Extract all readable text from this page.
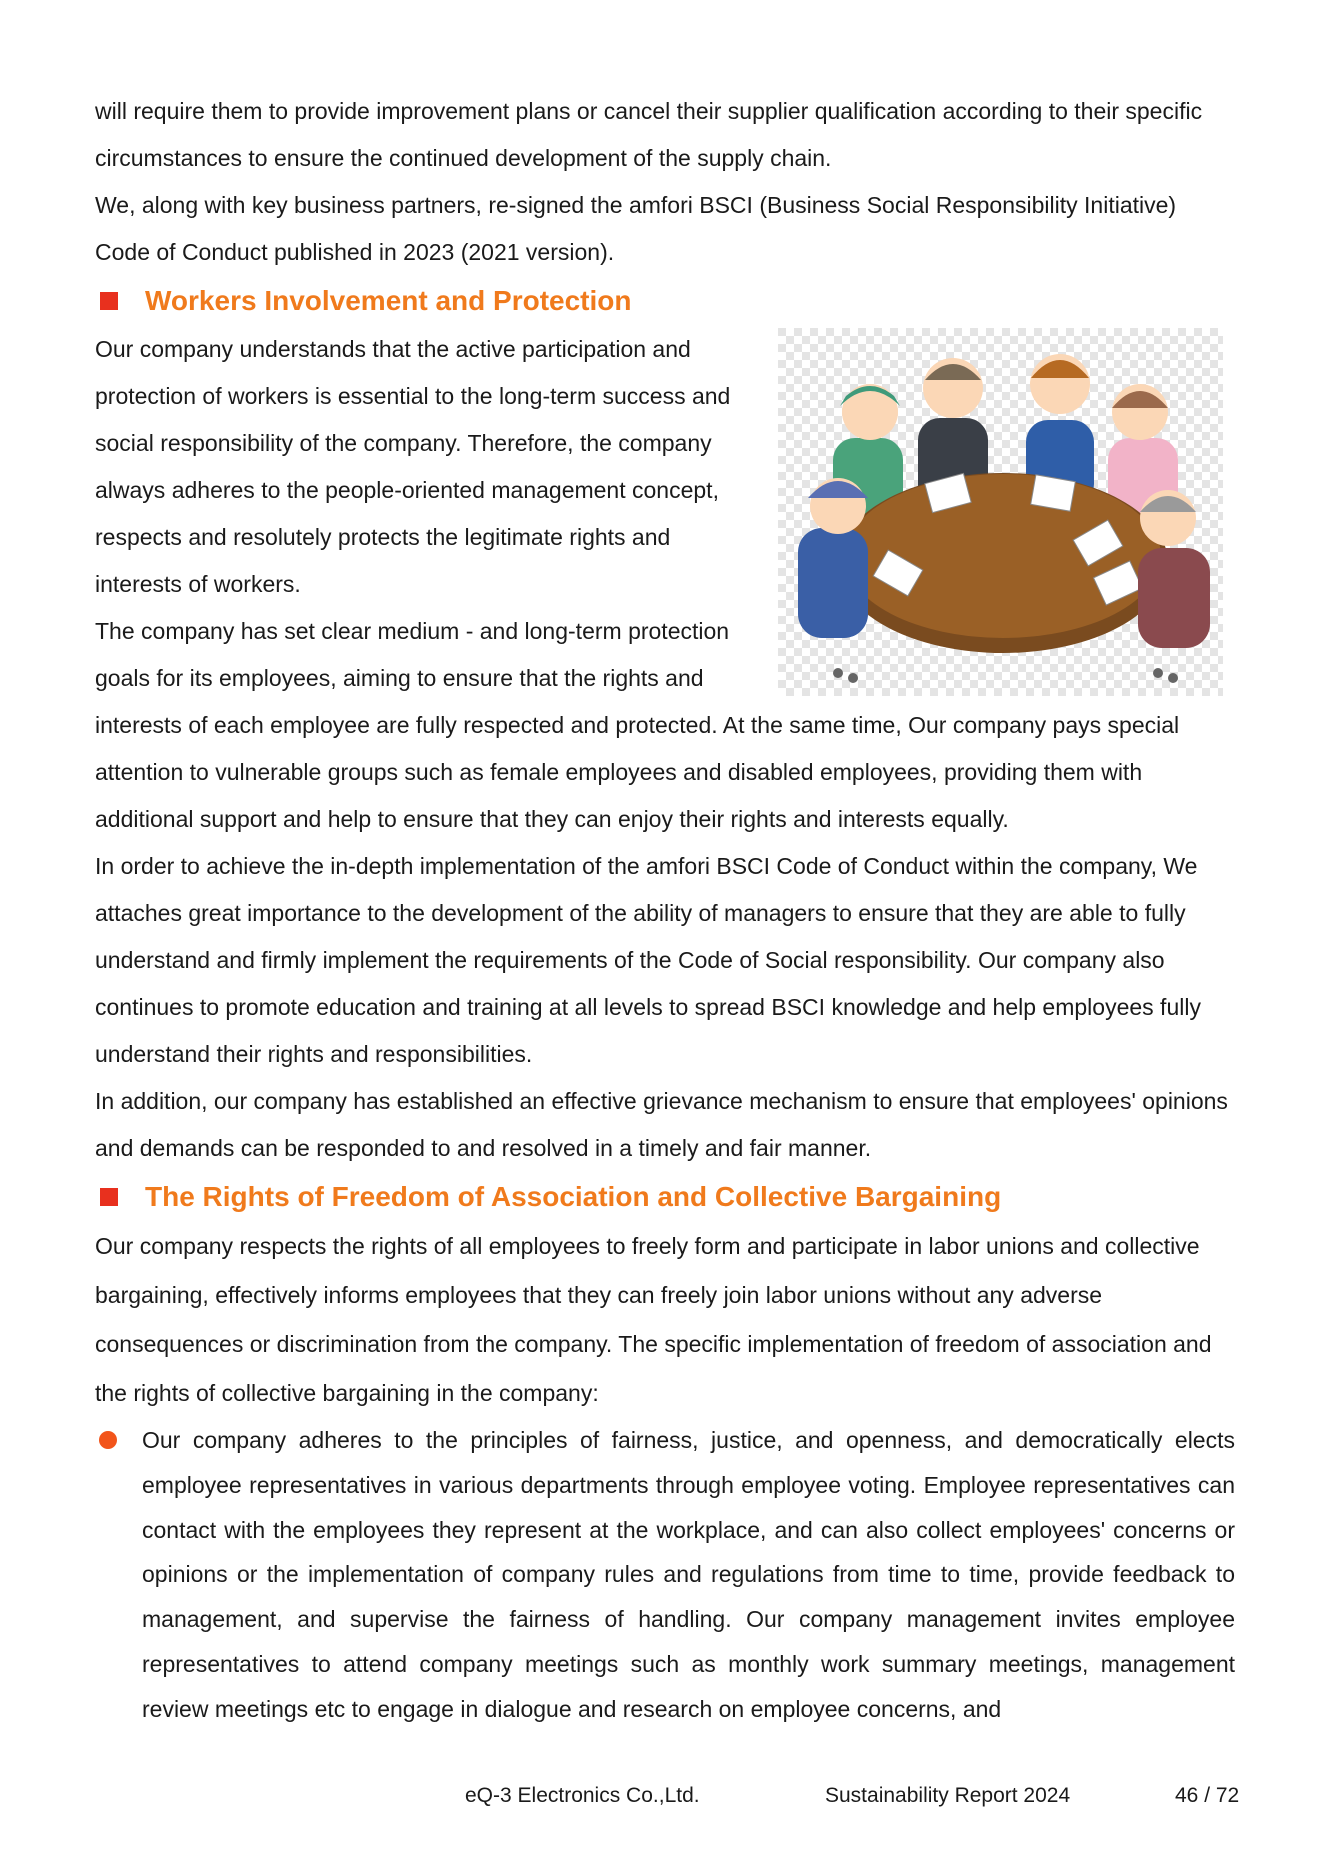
will require them to provide improvement plans or cancel their supplier qualification according to their specific circumstances to ensure the continued development of the supply chain.

We, along with key business partners, re-signed the amfori BSCI (Business Social Responsibility Initiative) Code of Conduct published in 2023 (2021 version).

Workers Involvement and Protection

Our company understands that the active participation and protection of workers is essential to the long-term success and social responsibility of the company. Therefore, the company always adheres to the people-oriented management concept, respects and resolutely protects the legitimate rights and interests of workers.

The company has set clear medium - and long-term protection goals for its employees, aiming to ensure that the rights and interests of each employee are fully respected and protected. At the same time, Our company pays special attention to vulnerable groups such as female employees and disabled employees, providing them with additional support and help to ensure that they can enjoy their rights and interests equally.

In order to achieve the in-depth implementation of the amfori BSCI Code of Conduct within the company, We attaches great importance to the development of the ability of managers to ensure that they are able to fully understand and firmly implement the requirements of the Code of Social responsibility. Our company also continues to promote education and training at all levels to spread BSCI knowledge and help employees fully understand their rights and responsibilities.

In addition, our company has established an effective grievance mechanism to ensure that employees' opinions and demands can be responded to and resolved in a timely and fair manner.

The Rights of Freedom of Association and Collective Bargaining

Our company respects the rights of all employees to freely form and participate in labor unions and collective bargaining, effectively informs employees that they can freely join labor unions without any adverse consequences or discrimination from the company. The specific implementation of freedom of association and the rights of collective bargaining in the company:

Our company adheres to the principles of fairness, justice, and openness, and democratically elects employee representatives in various departments through employee voting. Employee representatives can contact with the employees they represent at the workplace, and can also collect employees' concerns or opinions or the implementation of company rules and regulations from time to time, provide feedback to management, and supervise the fairness of handling. Our company management invites employee representatives to attend company meetings such as monthly work summary meetings, management review meetings etc to engage in dialogue and research on employee concerns, and
eQ-3 Electronics Co.,Ltd.	Sustainability Report 2024	46 / 72
